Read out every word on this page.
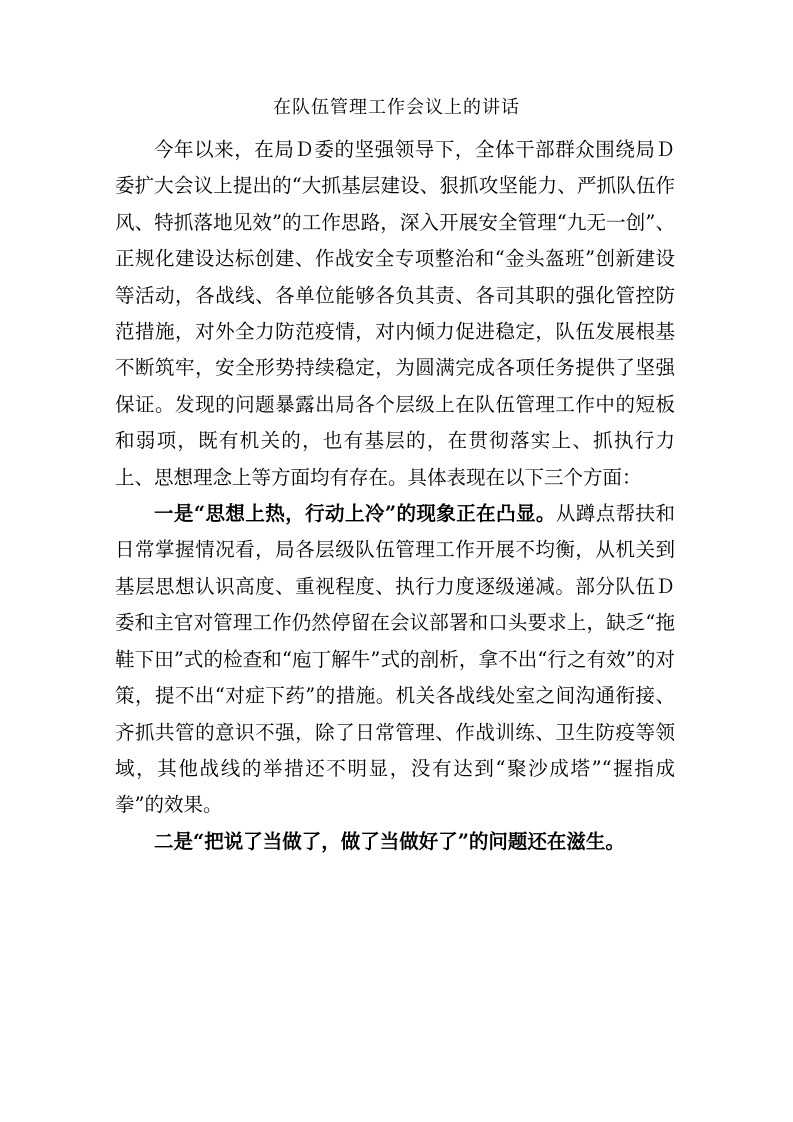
在队伍管理工作会议上的讲话

今年以来，在局Ｄ委的坚强领导下，全体干部群众围绕局Ｄ委扩大会议上提出的“大抓基层建设、狠抓攻坚能力、严抓队伍作风、特抓落地见效”的工作思路，深入开展安全管理“九无一创”、正规化建设达标创建、作战安全专项整治和“金头盔班”创新建设等活动，各战线、各单位能够各负其责、各司其职的强化管控防范措施，对外全力防范疫情，对内倾力促进稳定，队伍发展根基不断筑牢，安全形势持续稳定，为圆满完成各项任务提供了坚强保证。发现的问题暴露出局各个层级上在队伍管理工作中的短板和弱项，既有机关的，也有基层的，在贯彻落实上、抓执行力上、思想理念上等方面均有存在。具体表现在以下三个方面：

一是“思想上热，行动上冷”的现象正在凸显。从蹲点帮扶和日常掌握情况看，局各层级队伍管理工作开展不均衡，从机关到基层思想认识高度、重视程度、执行力度逐级递减。部分队伍Ｄ委和主官对管理工作仍然停留在会议部署和口头要求上，缺乏“拖鞋下田”式的检查和“庖丁解牛”式的剖析，拿不出“行之有效”的对策，提不出“对症下药”的措施。机关各战线处室之间沟通衔接、齐抓共管的意识不强，除了日常管理、作战训练、卫生防疫等领域，其他战线的举措还不明显，没有达到“聚沙成塔”“握指成拳”的效果。

二是“把说了当做了，做了当做好了”的问题还在滋生。
